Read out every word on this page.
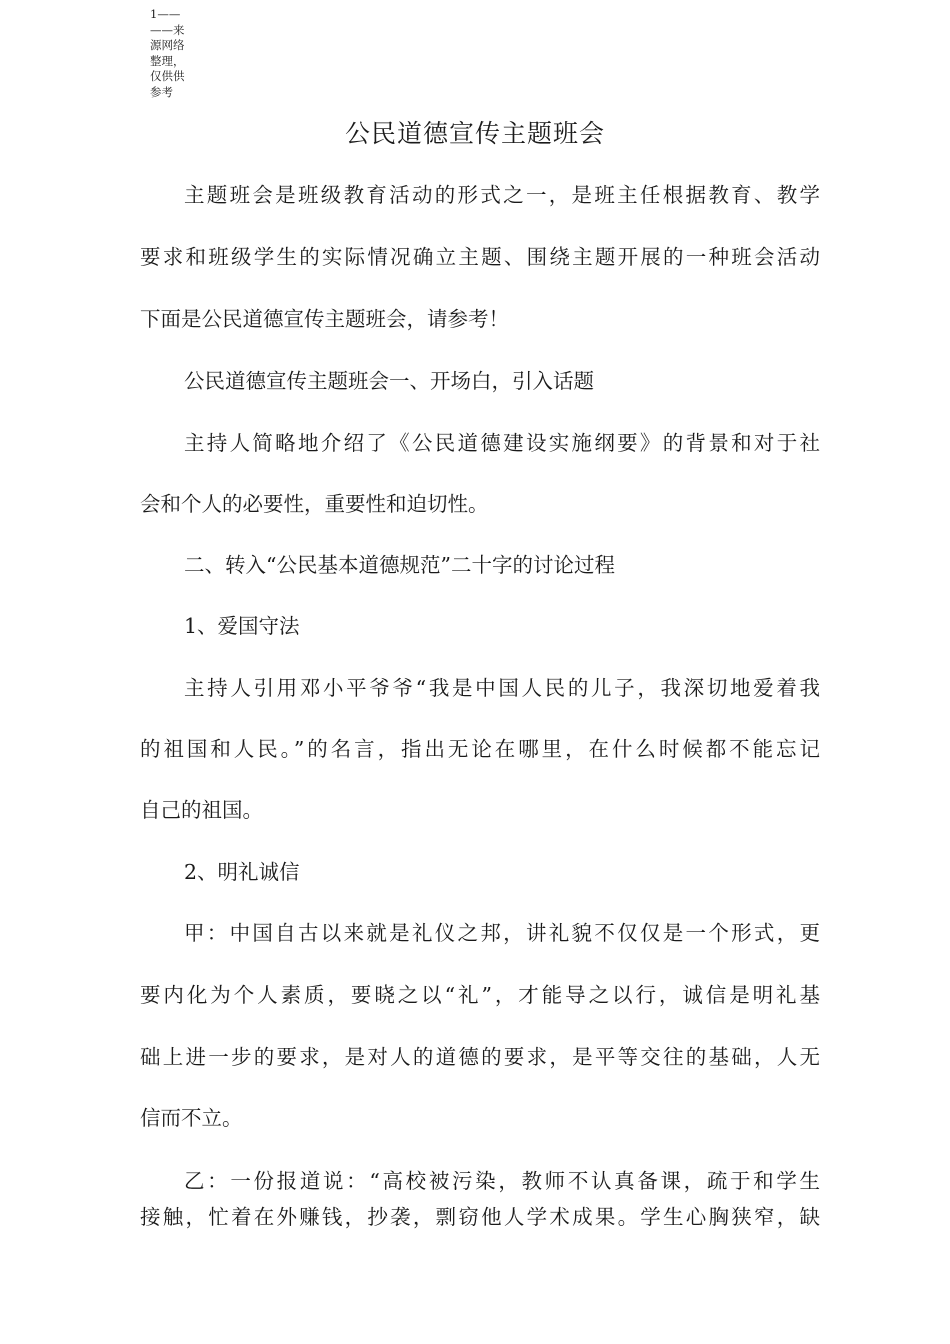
1——
——来
源网络
整理，
仅供供
参考
公民道德宣传主题班会

主题班会是班级教育活动的形式之一，是班主任根据教育、教学

要求和班级学生的实际情况确立主题、围绕主题开展的一种班会活动

下面是公民道德宣传主题班会，请参考！

公民道德宣传主题班会一、开场白，引入话题

主持人简略地介绍了《公民道德建设实施纲要》的背景和对于社

会和个人的必要性，重要性和迫切性。

二、转入“公民基本道德规范”二十字的讨论过程

1、爱国守法

主持人引用邓小平爷爷“我是中国人民的儿子，我深切地爱着我

的祖国和人民。”的名言，指出无论在哪里，在什么时候都不能忘记

自己的祖国。

2、明礼诚信

甲：中国自古以来就是礼仪之邦，讲礼貌不仅仅是一个形式，更

要内化为个人素质，要晓之以“礼”，才能导之以行，诚信是明礼基

础上进一步的要求，是对人的道德的要求，是平等交往的基础，人无

信而不立。

乙：一份报道说：“高校被污染，教师不认真备课，疏于和学生

接触，忙着在外赚钱，抄袭，剽窃他人学术成果。学生心胸狭窄，缺
